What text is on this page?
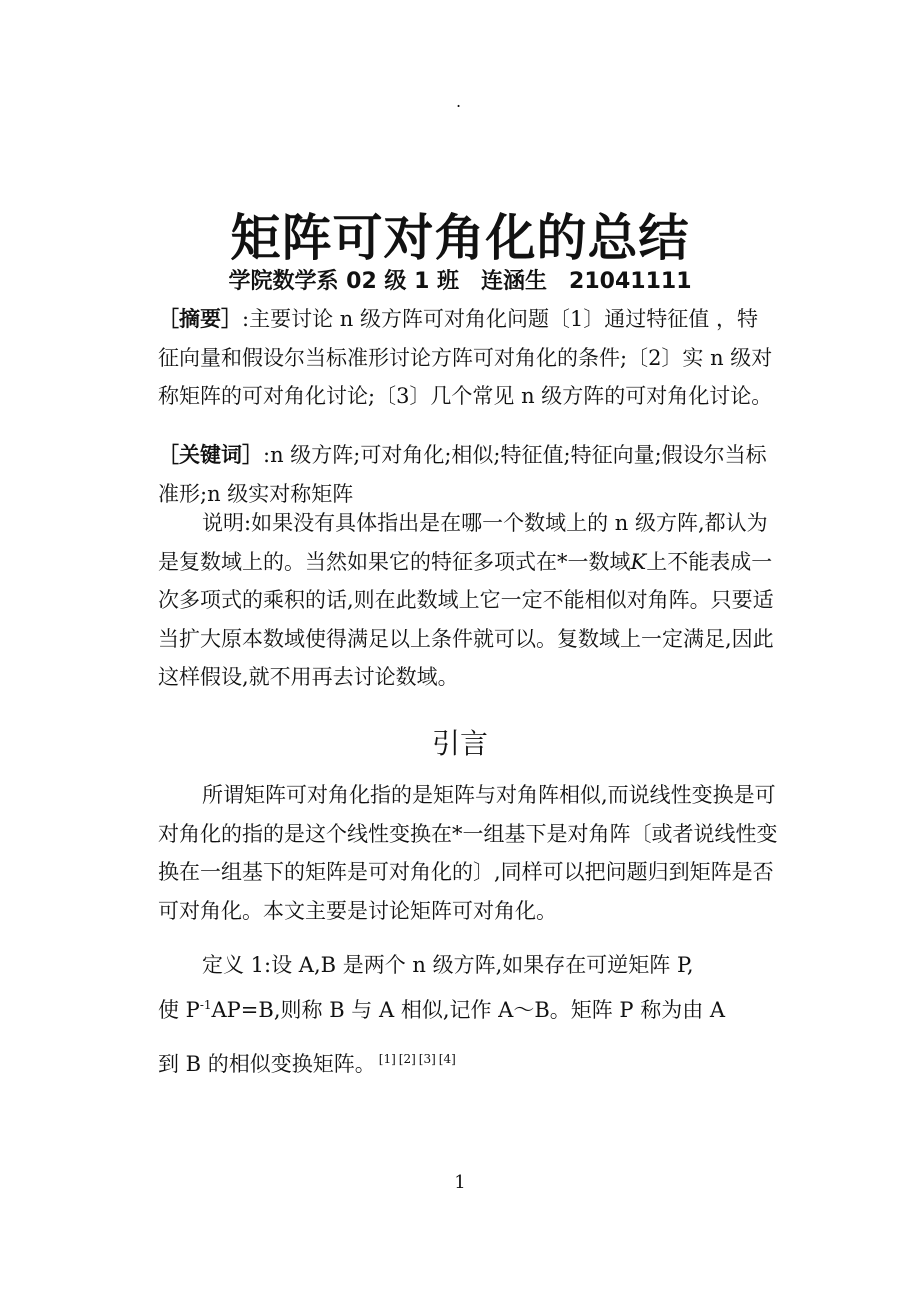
.
矩阵可对角化的总结
学院数学系 02 级 1 班　连涵生　21041111
［摘要］:主要讨论 n 级方阵可对角化问题〔1〕通过特征值 ，特征向量和假设尔当标准形讨论方阵可对角化的条件;〔2〕实 n 级对称矩阵的可对角化讨论;〔3〕几个常见 n 级方阵的可对角化讨论。
［关键词］:n 级方阵;可对角化;相似;特征值;特征向量;假设尔当标准形;n 级实对称矩阵
说明:如果没有具体指出是在哪一个数域上的 n 级方阵,都认为是复数域上的。当然如果它的特征多项式在*一数域K上不能表成一次多项式的乘积的话,则在此数域上它一定不能相似对角阵。只要适当扩大原本数域使得满足以上条件就可以。复数域上一定满足,因此这样假设,就不用再去讨论数域。
引言
所谓矩阵可对角化指的是矩阵与对角阵相似,而说线性变换是可对角化的指的是这个线性变换在*一组基下是对角阵〔或者说线性变换在一组基下的矩阵是可对角化的〕,同样可以把问题归到矩阵是否可对角化。本文主要是讨论矩阵可对角化。
定义 1:设 A,B 是两个 n 级方阵,如果存在可逆矩阵 P,
使 $P^{-1}AP=B$,则称 B 与 A 相似,记作 A～B。矩阵 P 称为由 A
到 B 的相似变换矩阵。 [1] [2] [3] [4]
1
